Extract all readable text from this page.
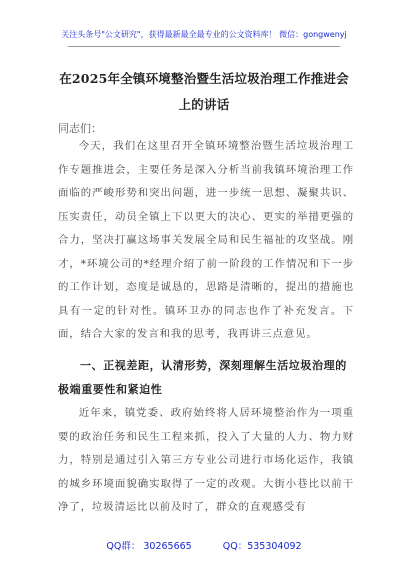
关注头条号"公文研究"，获得最新最全最专业的公文资料库！ 微信：gongwenyj
在2025年全镇环境整治暨生活垃圾治理工作推进会上的讲话
同志们：
今天，我们在这里召开全镇环境整治暨生活垃圾治理工作专题推进会，主要任务是深入分析当前我镇环境治理工作面临的严峻形势和突出问题，进一步统一思想、凝聚共识、压实责任，动员全镇上下以更大的决心、更实的举措更强的合力，坚决打赢这场事关发展全局和民生福祉的攻坚战。刚才，*环境公司的*经理介绍了前一阶段的工作情况和下一步的工作计划，态度是诚恳的，思路是清晰的，提出的措施也具有一定的针对性。镇环卫办的同志也作了补充发言。下面，结合大家的发言和我的思考，我再讲三点意见。
一、正视差距，认清形势，深刻理解生活垃圾治理的极端重要性和紧迫性
近年来，镇党委、政府始终将人居环境整治作为一项重要的政治任务和民生工程来抓，投入了大量的人力、物力财力，特别是通过引入第三方专业公司进行市场化运作，我镇的城乡环境面貌确实取得了一定的改观。大街小巷比以前干净了，垃圾清运比以前及时了，群众的直观感受有
QQ群： 30265665	QQ：535304092
